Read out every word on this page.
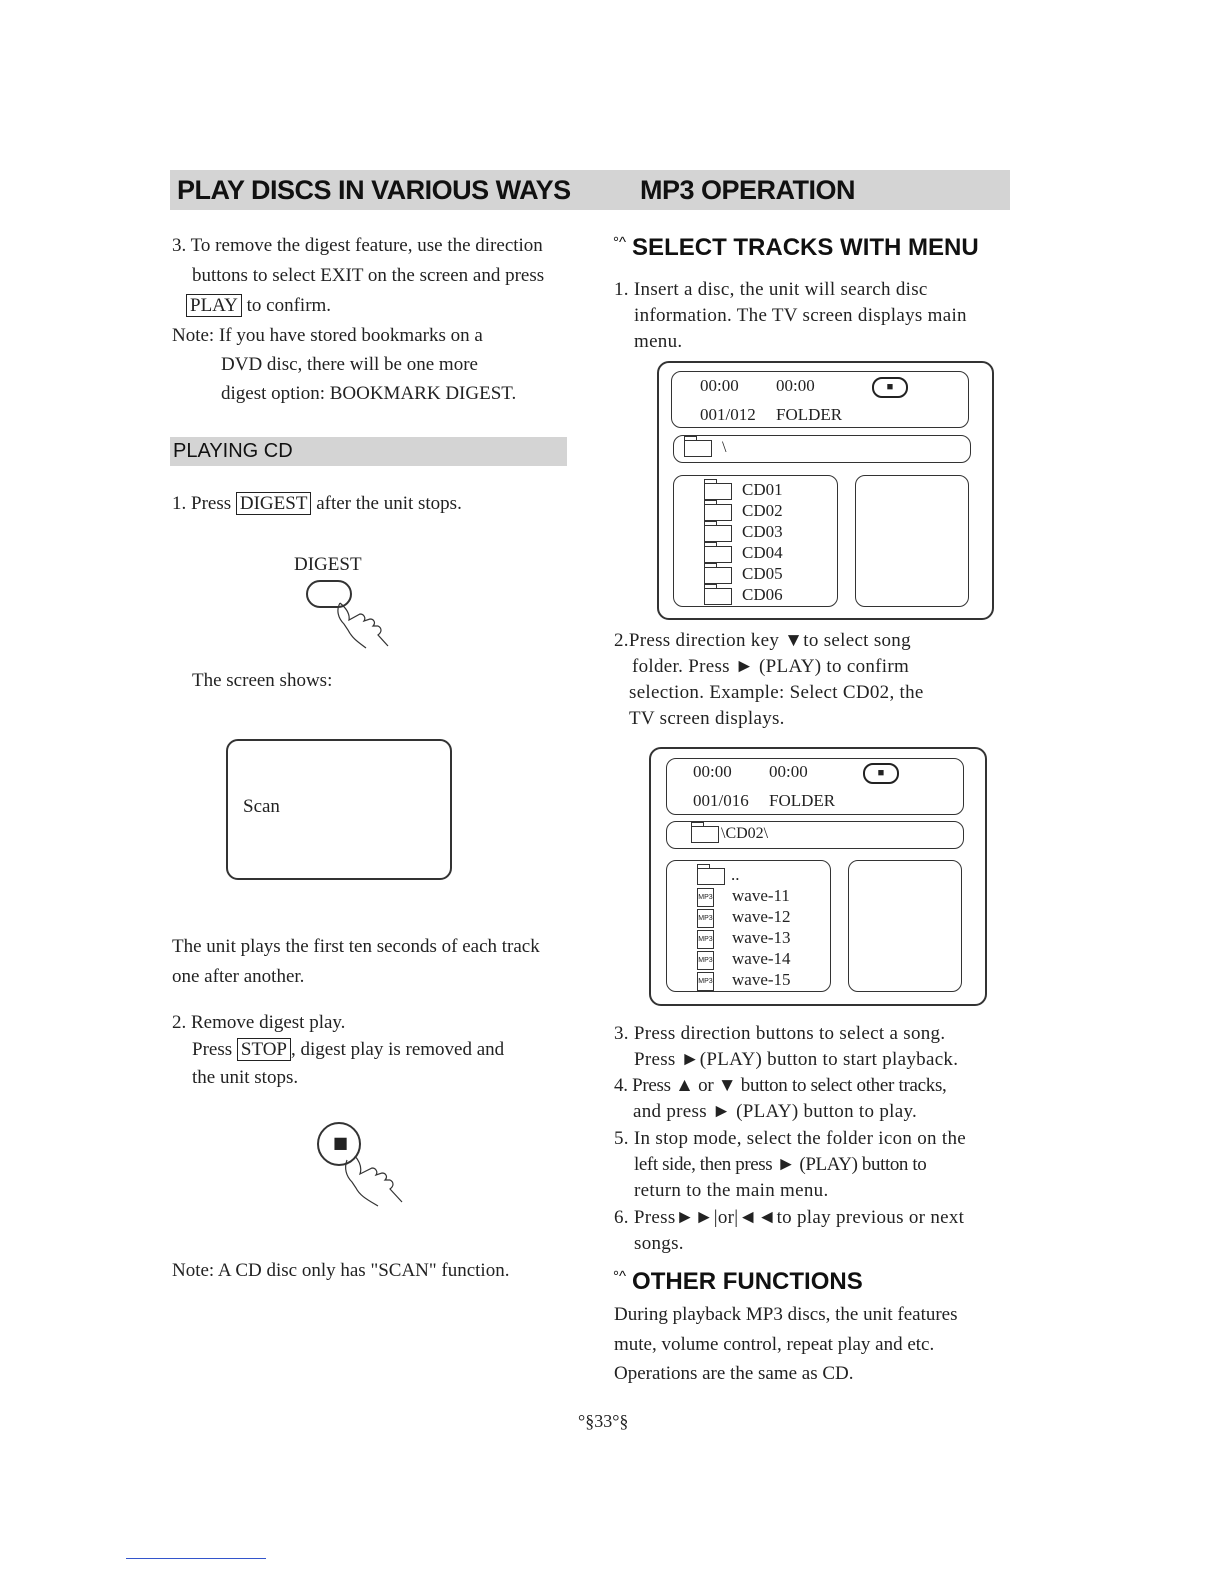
PLAY DISCS IN VARIOUS WAYS	MP3 OPERATION
3. To remove the digest feature, use the direction
buttons to select EXIT on the screen and press
PLAY to confirm.
Note: If you have stored bookmarks on a
DVD disc, there will be one more
digest option: BOOKMARK DIGEST.
PLAYING CD
1. Press DIGEST after the unit stops.
DIGEST
The screen shows:
Scan
The unit plays the first ten seconds of each track
one after another.
2. Remove digest play.
Press STOP , digest play is removed and
the unit stops.
■
Note: A CD disc only has "SCAN" function.
°^ SELECT TRACKS WITH MENU
1. Insert a disc, the unit will search disc
information. The TV screen displays main
menu.
00:00 00:00	■
001/012 FOLDER
\
CD01
CD02
CD03
CD04
CD05
CD06
2.Press direction key ▼to select song
folder. Press ► (PLAY) to confirm
selection. Example: Select CD02, the
TV screen displays.
00:00 00:00	■
001/016 FOLDER
\CD02\
..
MP3 wave-11
MP3 wave-12
MP3 wave-13
MP3 wave-14
MP3 wave-15
3. Press direction buttons to select a song.
Press ►(PLAY) button to start playback.
4. Press ▲ or ▼ button to select other tracks,
and press ► (PLAY) button to play.
5. In stop mode, select the folder icon on the
left side, then press ► (PLAY) button to
return to the main menu.
6. Press►►|or|◄◄to play previous or next
songs.
°^ OTHER FUNCTIONS
During playback MP3 discs, the unit features
mute, volume control, repeat play and etc.
Operations are the same as CD.
°§33°§
